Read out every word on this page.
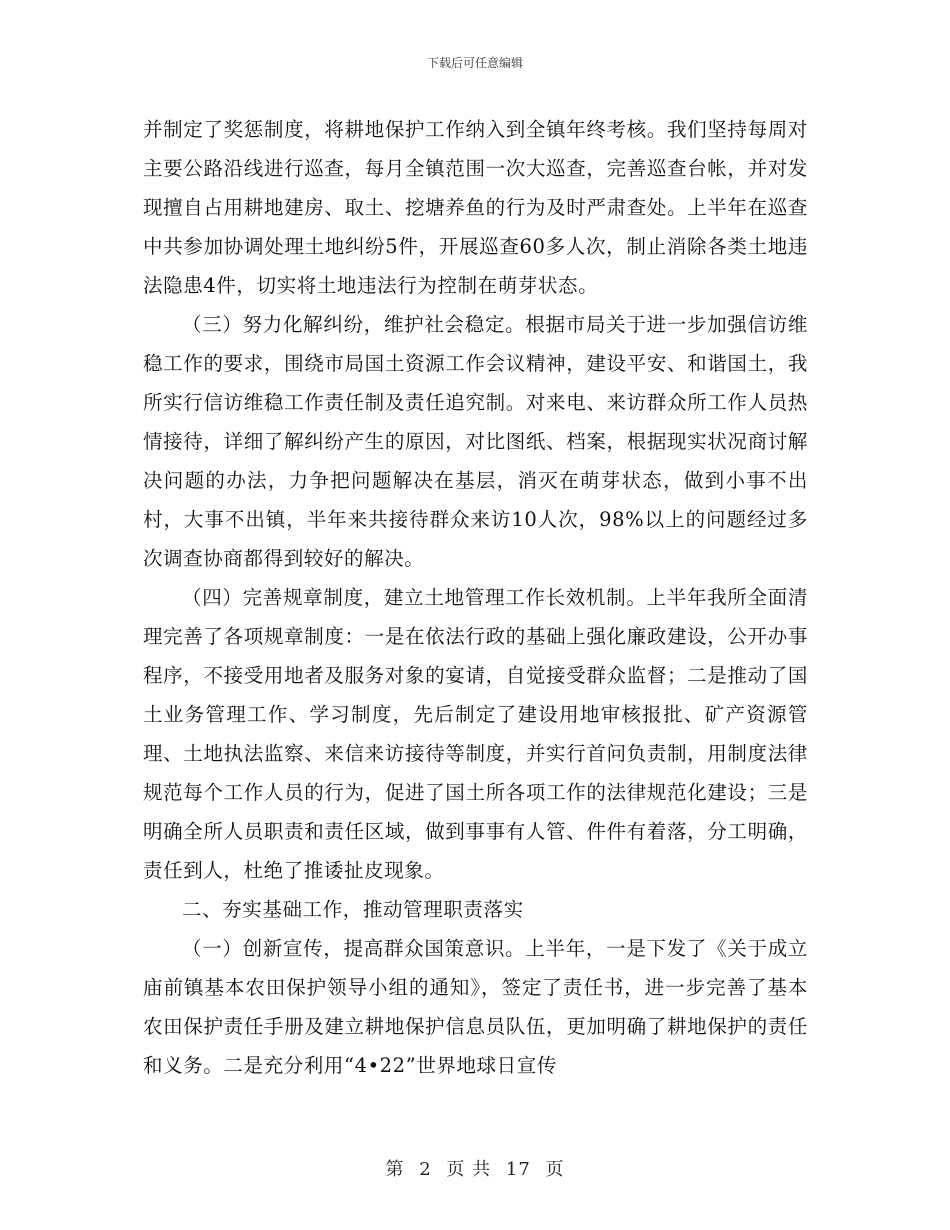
下载后可任意编辑

并制定了奖惩制度，将耕地保护工作纳入到全镇年终考核。我们坚持每周对主要公路沿线进行巡查，每月全镇范围一次大巡查，完善巡查台帐，并对发现擅自占用耕地建房、取土、挖塘养鱼的行为及时严肃查处。上半年在巡查中共参加协调处理土地纠纷5件，开展巡查60多人次，制止消除各类土地违法隐患4件，切实将土地违法行为控制在萌芽状态。

（三）努力化解纠纷，维护社会稳定。根据市局关于进一步加强信访维稳工作的要求，围绕市局国土资源工作会议精神，建设平安、和谐国土，我所实行信访维稳工作责任制及责任追究制。对来电、来访群众所工作人员热情接待，详细了解纠纷产生的原因，对比图纸、档案，根据现实状况商讨解决问题的办法，力争把问题解决在基层，消灭在萌芽状态，做到小事不出村，大事不出镇，半年来共接待群众来访10人次，98%以上的问题经过多次调查协商都得到较好的解决。

（四）完善规章制度，建立土地管理工作长效机制。上半年我所全面清理完善了各项规章制度：一是在依法行政的基础上强化廉政建设，公开办事程序，不接受用地者及服务对象的宴请，自觉接受群众监督；二是推动了国土业务管理工作、学习制度，先后制定了建设用地审核报批、矿产资源管理、土地执法监察、来信来访接待等制度，并实行首问负责制，用制度法律规范每个工作人员的行为，促进了国土所各项工作的法律规范化建设；三是明确全所人员职责和责任区域，做到事事有人管、件件有着落，分工明确，责任到人，杜绝了推诿扯皮现象。

二、夯实基础工作，推动管理职责落实

（一）创新宣传，提高群众国策意识。上半年，一是下发了《关于成立庙前镇基本农田保护领导小组的通知》，签定了责任书，进一步完善了基本农田保护责任手册及建立耕地保护信息员队伍，更加明确了耕地保护的责任和义务。二是充分利用“4•22”世界地球日宣传

第 2 页 共 17 页
